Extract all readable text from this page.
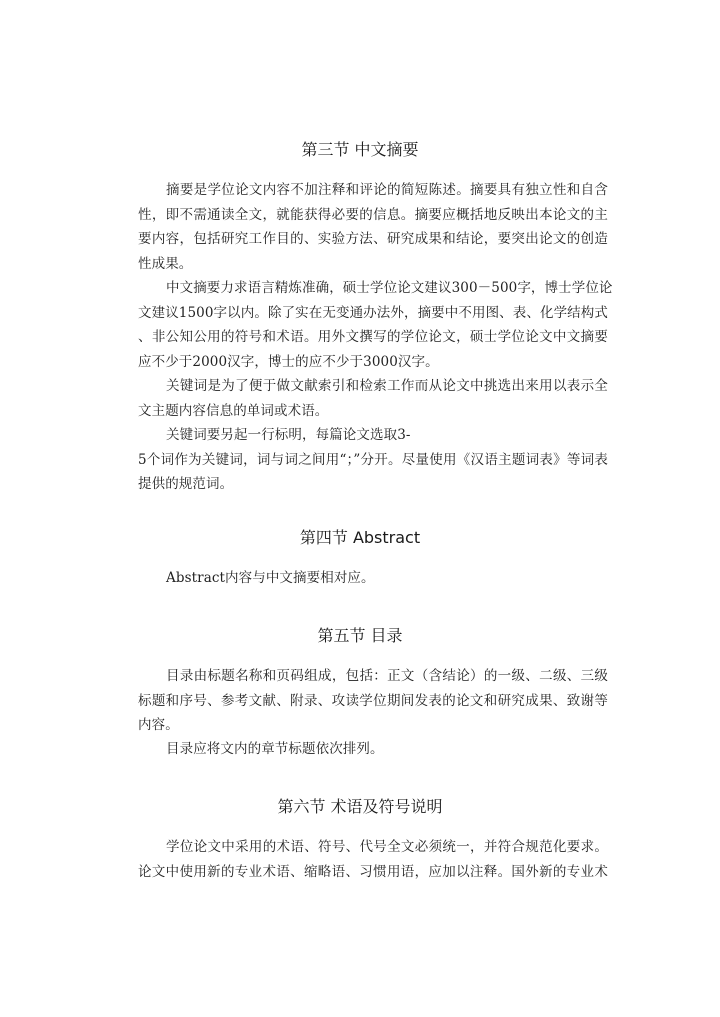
第三节 中文摘要
摘要是学位论文内容不加注释和评论的简短陈述。摘要具有独立性和自含
性，即不需通读全文，就能获得必要的信息。摘要应概括地反映出本论文的主
要内容，包括研究工作目的、实验方法、研究成果和结论，要突出论文的创造
性成果。
中文摘要力求语言精炼准确，硕士学位论文建议300－500字，博士学位论
文建议1500字以内。除了实在无变通办法外，摘要中不用图、表、化学结构式
、非公知公用的符号和术语。用外文撰写的学位论文，硕士学位论文中文摘要
应不少于2000汉字，博士的应不少于3000汉字。
关键词是为了便于做文献索引和检索工作而从论文中挑选出来用以表示全
文主题内容信息的单词或术语。
关键词要另起一行标明，每篇论文选取3-
5个词作为关键词，词与词之间用“；”分开。尽量使用《汉语主题词表》等词表
提供的规范词。
第四节 Abstract
Abstract内容与中文摘要相对应。
第五节 目录
目录由标题名称和页码组成，包括：正文（含结论）的一级、二级、三级
标题和序号、参考文献、附录、攻读学位期间发表的论文和研究成果、致谢等
内容。
目录应将文内的章节标题依次排列。
第六节 术语及符号说明
学位论文中采用的术语、符号、代号全文必须统一，并符合规范化要求。
论文中使用新的专业术语、缩略语、习惯用语，应加以注释。国外新的专业术
